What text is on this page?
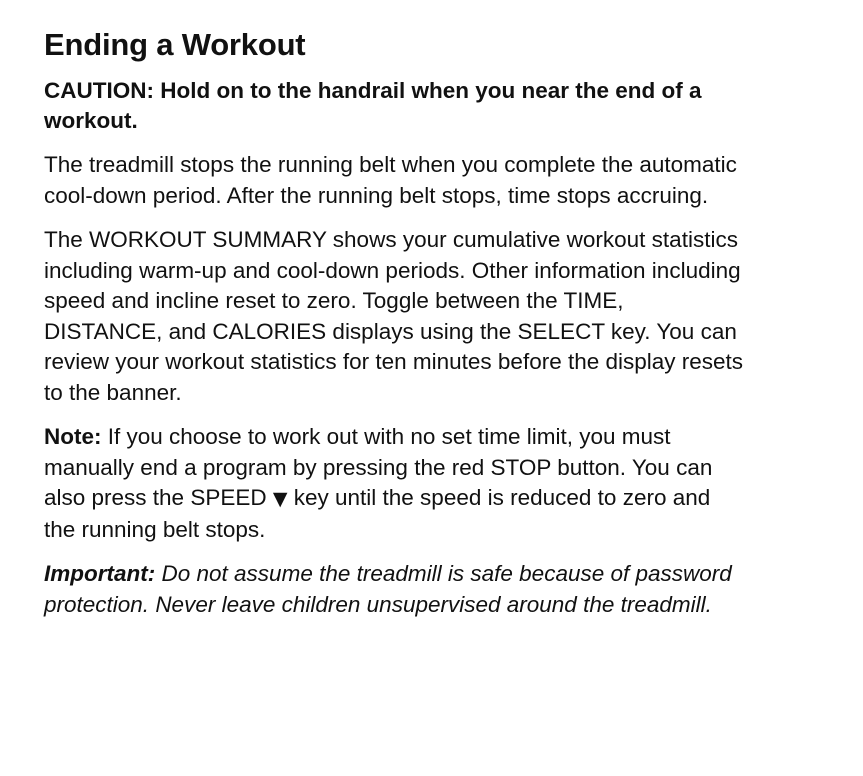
Ending a Workout
CAUTION: Hold on to the handrail when you near the end of a workout.

The treadmill stops the running belt when you complete the automatic cool-down period. After the running belt stops, time stops accruing.

The WORKOUT SUMMARY shows your cumulative workout statistics including warm-up and cool-down periods. Other information including speed and incline reset to zero. Toggle between the TIME, DISTANCE, and CALORIES displays using the SELECT key. You can review your workout statistics for ten minutes before the display resets to the banner.

Note: If you choose to work out with no set time limit, you must manually end a program by pressing the red STOP button. You can also press the SPEED ▼ key until the speed is reduced to zero and the running belt stops.

Important: Do not assume the treadmill is safe because of password protection. Never leave children unsupervised around the treadmill.
